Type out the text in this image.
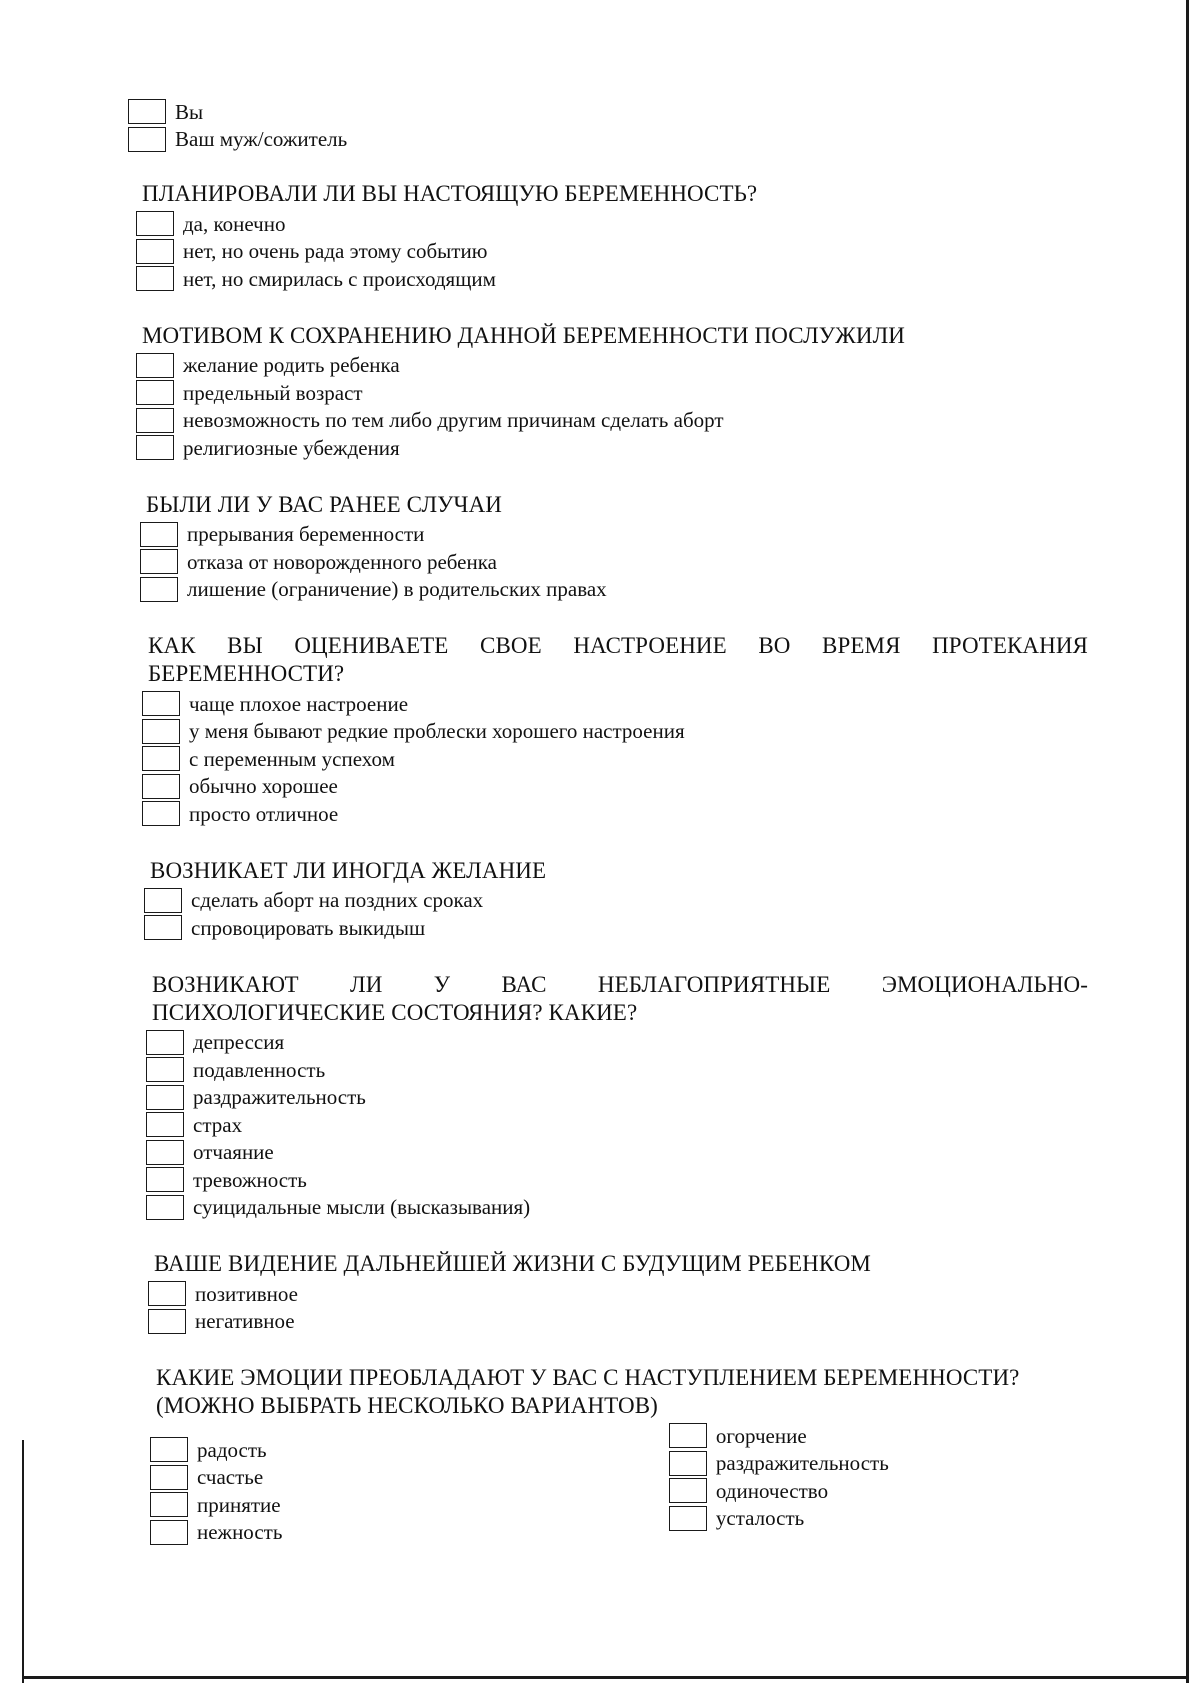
Вы
Ваш муж/сожитель
ПЛАНИРОВАЛИ ЛИ ВЫ НАСТОЯЩУЮ БЕРЕМЕННОСТЬ?
да, конечно
нет, но очень рада этому событию
нет, но смирилась с происходящим
МОТИВОМ К СОХРАНЕНИЮ ДАННОЙ БЕРЕМЕННОСТИ ПОСЛУЖИЛИ
желание родить ребенка
предельный возраст
невозможность по тем либо другим причинам сделать аборт
религиозные убеждения
БЫЛИ ЛИ У ВАС РАНЕЕ СЛУЧАИ
прерывания беременности
отказа от новорожденного ребенка
лишение (ограничение) в родительских правах
КАК ВЫ ОЦЕНИВАЕТЕ СВОЕ НАСТРОЕНИЕ ВО ВРЕМЯ ПРОТЕКАНИЯ БЕРЕМЕННОСТИ?
чаще плохое настроение
у меня бывают редкие проблески хорошего настроения
с переменным успехом
обычно хорошее
просто отличное
ВОЗНИКАЕТ ЛИ ИНОГДА ЖЕЛАНИЕ
сделать аборт на поздних сроках
спровоцировать выкидыш
ВОЗНИКАЮТ ЛИ У ВАС НЕБЛАГОПРИЯТНЫЕ ЭМОЦИОНАЛЬНО-ПСИХОЛОГИЧЕСКИЕ СОСТОЯНИЯ? КАКИЕ?
депрессия
подавленность
раздражительность
страх
отчаяние
тревожность
суицидальные мысли (высказывания)
ВАШЕ ВИДЕНИЕ ДАЛЬНЕЙШЕЙ ЖИЗНИ С БУДУЩИМ РЕБЕНКОМ
позитивное
негативное
КАКИЕ ЭМОЦИИ ПРЕОБЛАДАЮТ У ВАС С НАСТУПЛЕНИЕМ БЕРЕМЕННОСТИ? (МОЖНО ВЫБРАТЬ НЕСКОЛЬКО ВАРИАНТОВ)
радость
счастье
принятие
нежность
огорчение
раздражительность
одиночество
усталость
